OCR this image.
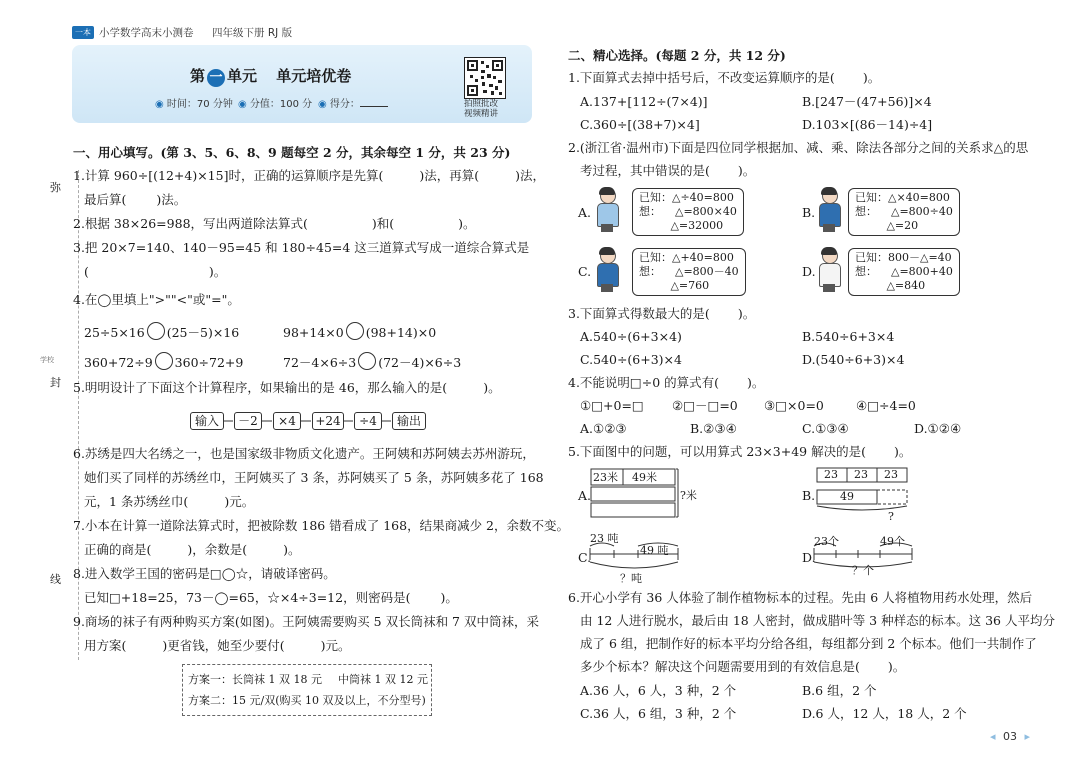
一本 小学数学高末小测卷 四年级下册 RJ 版
第 一 单元 单元培优卷
◉ 时间：70 分钟 ◉ 分值：100 分 ◉ 得分：	拍照批改
视频精讲
弥
学校
封
线
一、用心填写。(第 3、5、6、8、9 题每空 2 分，其余每空 1 分，共 23 分)
1.计算 960÷[(12+4)×15]时，正确的运算顺序是先算(	)法，再算(	)法，
最后算( )法。
2.根据 38×26=988，写出两道除法算式(	)和(	)。
3.把 20×7=140、140－95=45 和 180÷45=4 这三道算式写成一道综合算式是
(	)。
4.在◯里填上">""<"或"="。
25÷5×16 (25－5)×16	98+14×0 (98+14)×0
360+72÷9 360÷72+9	72－4×6÷3 (72－4)×6÷3
5.明明设计了下面这个计算程序，如果输出的是 46，那么输入的是(	)。
输入	－2	×4	+24	÷4	输出
6.苏绣是四大名绣之一，也是国家级非物质文化遗产。王阿姨和苏阿姨去苏州游玩，
她们买了同样的苏绣丝巾，王阿姨买了 3 条，苏阿姨买了 5 条，苏阿姨多花了 168
元，1 条苏绣丝巾(	)元。
7.小本在计算一道除法算式时，把被除数 186 错看成了 168，结果商减少 2，余数不变。
正确的商是(	)，余数是(	)。
8.进入数学王国的密码是□◯☆，请破译密码。
已知□+18=25，73－◯=65，☆×4÷3=12，则密码是( )。
9.商场的袜子有两种购买方案(如图)。王阿姨需要购买 5 双长筒袜和 7 双中筒袜，采
用方案(	)更省钱，她至少要付(	)元。
方案一：长筒袜 1 双 18 元 中筒袜 1 双 12 元
方案二：15 元/双(购买 10 双及以上，不分型号)
二、精心选择。(每题 2 分，共 12 分)
1.下面算式去掉中括号后，不改变运算顺序的是( )。
A.137+[112÷(7×4)]	B.[247－(47+56)]×4
C.360÷[(38+7)×4]	D.103×[(86－14)÷4]
2.(浙江省·温州市)下面是四位同学根据加、减、乘、除法各部分之间的关系求△的思
考过程，其中错误的是( )。
A.
已知：△÷40=800
想：    △=800×40
△=32000
B.
已知：△×40=800
想：    △=800÷40
△=20
C.
已知：△+40=800
想：    △=800－40
△=760
D.
已知：800－△=40
想：    △=800+40
△=840
3.下面算式得数最大的是( )。
A.540÷(6+3×4)	B.540÷6+3×4
C.540÷(6+3)×4	D.(540÷6+3)×4
4.不能说明□÷0 的算式有( )。
①□+0=□ ②□－□=0 ③□×0=0	④□÷4=0
A.①②③	B.②③④	C.①③④	D.①②④
5.下面图中的问题，可以用算式 23×3+49 解决的是( )。
A.
23米 49米
?米	B.
23 23 23
49
?
C.
23 吨
49 吨
？吨
D.
23个	49个
？个
6.开心小学有 36 人体验了制作植物标本的过程。先由 6 人将植物用药水处理，然后
由 12 人进行脱水，最后由 18 人密封，做成腊叶等 3 种样态的标本。这 36 人平均分
成了 6 组，把制作好的标本平均分给各组，每组都分到 2 个标本。他们一共制作了
多少个标本？解决这个问题需要用到的有效信息是( )。
A.36 人，6 人，3 种，2 个	B.6 组，2 个
C.36 人，6 组，3 种，2 个	D.6 人，12 人，18 人，2 个
◂ 03 ▸
